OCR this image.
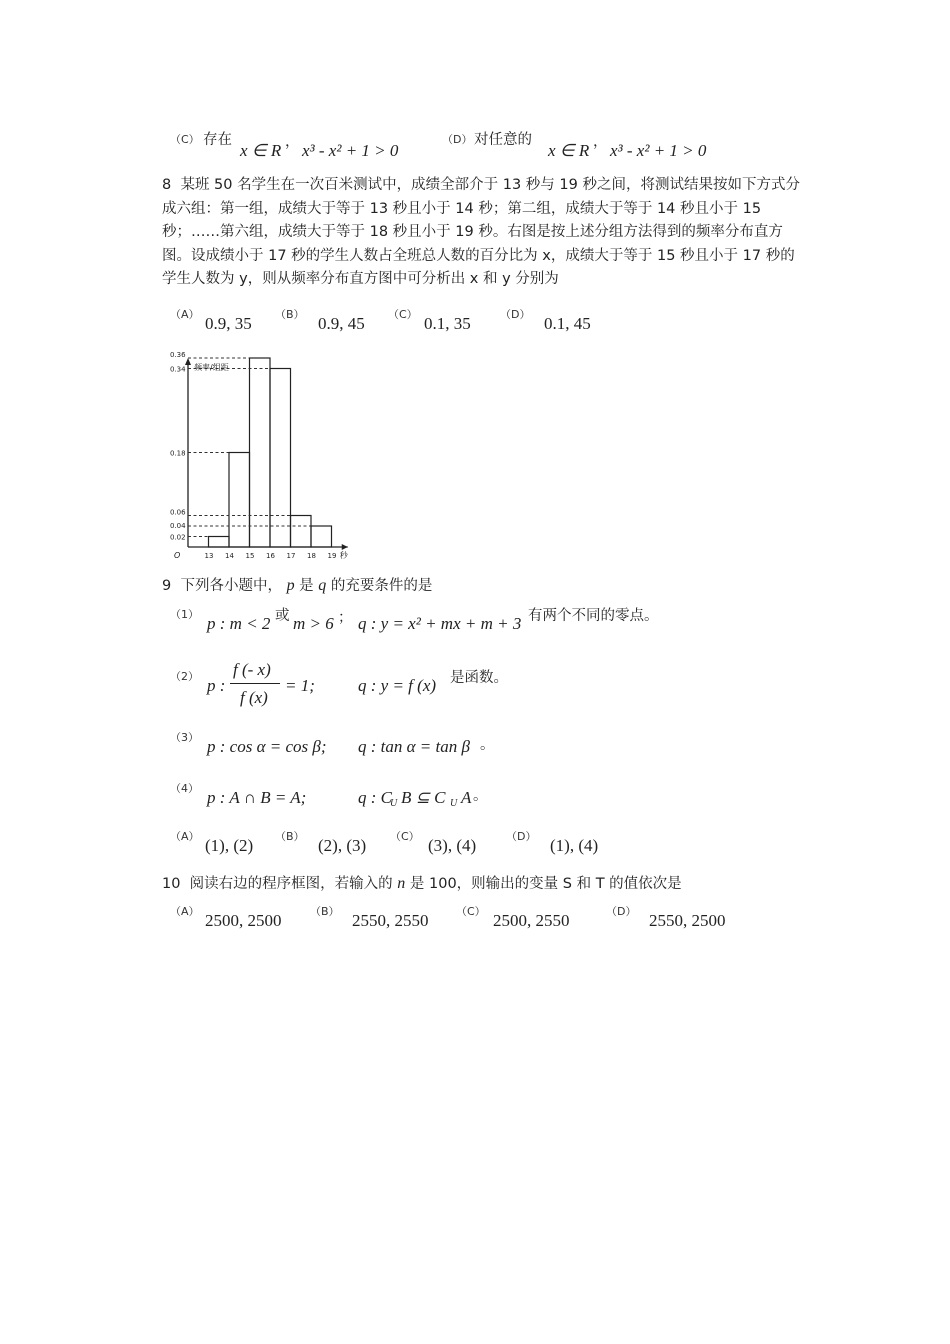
（C） 存在
x ∈ R ， x³ - x² + 1 > 0
（D） 对任意的
x ∈ R ， x³ - x² + 1 > 0
8 某班 50 名学生在一次百米测试中，成绩全部介于 13 秒与 19 秒之间，将测试结果按如下方式分成六组：第一组，成绩大于等于 13 秒且小于 14 秒；第二组，成绩大于等于 14 秒且小于 15 秒；……第六组，成绩大于等于 18 秒且小于 19 秒。右图是按上述分组方法得到的频率分布直方图。设成绩小于 17 秒的学生人数占全班总人数的百分比为 x，成绩大于等于 15 秒且小于 17 秒的学生人数为 y，则从频率分布直方图中可分析出 x 和 y 分别为
（A） 0.9, 35 （B） 0.9, 45 （C） 0.1, 35	（D） 0.1, 45
0.36
0.34
0.18
0.06
0.04
0.02
13 14 15 16 17 18 19
O
频率/组距
秒
9 下列各小题中， p 是 q 的充要条件的是
（1） p : m < 2 或 m > 6 ； q : y = x² + mx + m + 3 有两个不同的零点。
（2） p :
f (- x)
f (x)
= 1;	q : y = f (x) 是函数。
（3） p : cos α = cos β; q : tan α = tan β 。
（4） p : A ∩ B = A;	q : C
U B ⊆ C U A 。
（A） (1), (2) （B） (2), (3) （C） (3), (4)	（D） (1), (4)
10 阅读右边的程序框图，若输入的 n 是 100，则输出的变量 S 和 T 的值依次是
（A） 2500, 2500	（B） 2550, 2550	（C） 2500, 2550	（D） 2550, 2500
